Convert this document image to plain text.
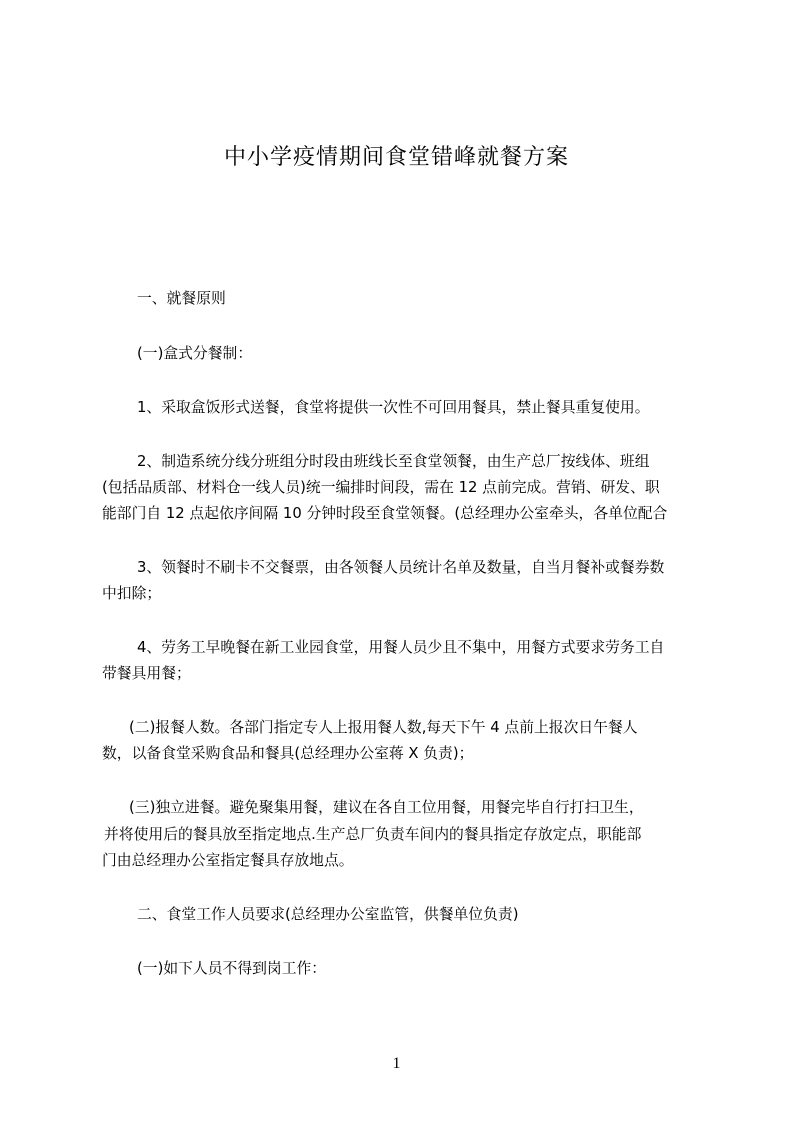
中小学疫情期间食堂错峰就餐方案
一、就餐原则
(一)盒式分餐制：
1、采取盒饭形式送餐，食堂将提供一次性不可回用餐具，禁止餐具重复使用。
2、制造系统分线分班组分时段由班线长至食堂领餐，由生产总厂按线体、班组
(包括品质部、材料仓一线人员)统一编排时间段，需在 12 点前完成。营销、研发、职
能部门自 12 点起依序间隔 10 分钟时段至食堂领餐。(总经理办公室牵头，各单位配合
3、领餐时不刷卡不交餐票，由各领餐人员统计名单及数量，自当月餐补或餐券数
中扣除；
4、劳务工早晚餐在新工业园食堂，用餐人员少且不集中，用餐方式要求劳务工自
带餐具用餐；
(二)报餐人数。各部门指定专人上报用餐人数,每天下午 4 点前上报次日午餐人
数，以备食堂采购食品和餐具(总经理办公室蒋 X 负责)；
(三)独立进餐。避免聚集用餐，建议在各自工位用餐，用餐完毕自行打扫卫生，
并将使用后的餐具放至指定地点.生产总厂负责车间内的餐具指定存放定点，职能部
门由总经理办公室指定餐具存放地点。
二、食堂工作人员要求(总经理办公室监管，供餐单位负责)
(一)如下人员不得到岗工作：
1
